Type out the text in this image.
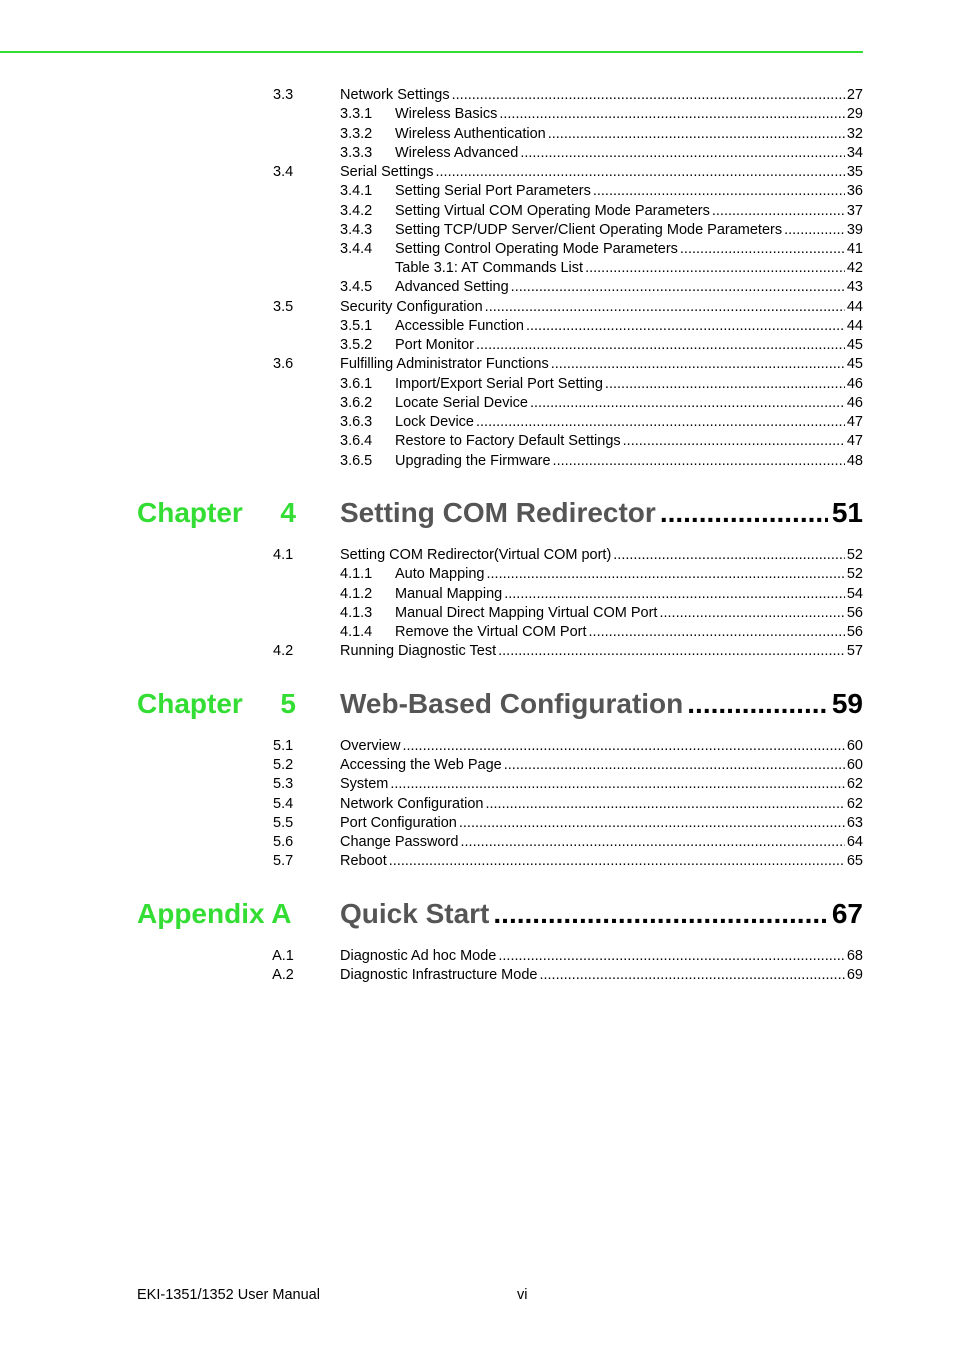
3.3	Network Settings .....	27
3.3.1 Wireless Basics .....	29
3.3.2 Wireless Authentication .....	32
3.3.3 Wireless Advanced .....	34
3.4	Serial Settings .....	35
3.4.1 Setting Serial Port Parameters .....	36
3.4.2 Setting Virtual COM Operating Mode Parameters .....	37
3.4.3 Setting TCP/UDP Server/Client Operating Mode Parameters .....	39
3.4.4 Setting Control Operating Mode Parameters .....	41
Table 3.1: AT Commands List .....	42
3.4.5 Advanced Setting .....	43
3.5	Security Configuration .....	44
3.5.1 Accessible Function .....	44
3.5.2 Port Monitor .....	45
3.6	Fulfilling Administrator Functions .....	45
3.6.1 Import/Export Serial Port Setting .....	46
3.6.2 Locate Serial Device .....	46
3.6.3 Lock Device .....	47
3.6.4 Restore to Factory Default Settings .....	47
3.6.5 Upgrading the Firmware .....	48
Chapter	4 Setting COM Redirector .....	51
4.1	Setting COM Redirector(Virtual COM port) .....	52
4.1.1 Auto Mapping .....	52
4.1.2 Manual Mapping .....	54
4.1.3 Manual Direct Mapping Virtual COM Port .....	56
4.1.4 Remove the Virtual COM Port .....	56
4.2	Running Diagnostic Test .....	57
Chapter	5 Web-Based Configuration .....	59
5.1	Overview .....	60
5.2	Accessing the Web Page .....	60
5.3	System .....	62
5.4	Network Configuration .....	62
5.5	Port Configuration .....	63
5.6	Change Password .....	64
5.7	Reboot .....	65
Appendix A Quick Start .....	67
A.1	Diagnostic Ad hoc Mode .....	68
A.2	Diagnostic Infrastructure Mode .....	69
EKI-1351/1352 User Manual	vi
